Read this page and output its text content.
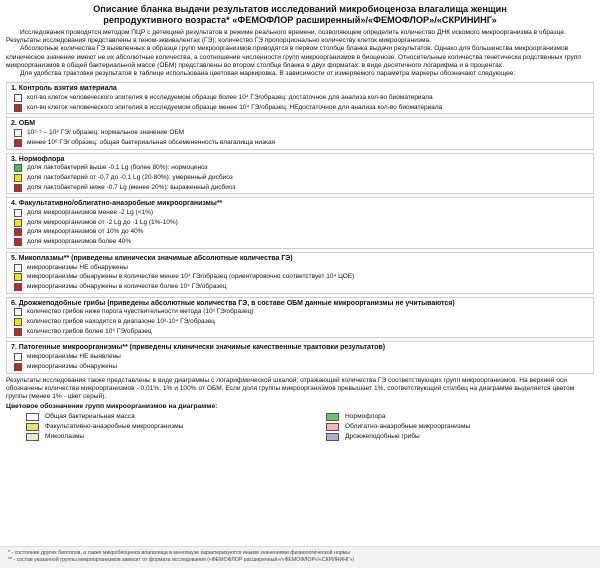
Описание бланка выдачи результатов исследований микробиоценоза влагалища женщин
репродуктивного возраста* «ФЕМОФЛОР расширенный»/«ФЕМОФЛОР»/«СКРИНИНГ»

Исследования проводятся методом ПЦР с детекцией результатов в режиме реального времени, позволяющем определить количество ДНК искомого микроорганизма в образце. Результаты исследования представлены в геном-эквивалентах (ГЭ); количество ГЭ пропорционально количеству клеток микроорганизма.

Абсолютные количества ГЭ выявленных в образце групп микроорганизмов приводятся в первом столбце бланка выдачи результатов. Однако для большинства микроорганизмов клиническое значение имеют не их абсолютные количества, а соотношение численности групп микроорганизмов в биоценозе. Относительные количества генетически родственных групп микроорганизмов в общей бактериальной массе (ОБМ) представлены во втором столбце бланка в двух форматах: в виде десятичного логарифма и в процентах.

Для удобства трактовки результатов в таблице использована цветовая маркировка. В зависимости от измеряемого параметра маркеры обозначают следующее:

1. Контроль взятия материала
кол-во клеток человеческого эпителия в исследуемом образце более 10⁴ ГЭ/образец: достаточное для анализа кол-во биоматериала
кол-во клеток человеческого эпителия в исследуемом образце менее 10⁴ ГЭ/образец: НЕдостаточное для анализа кол-во биоматериала
2. ОБМ
10⁶·⁵ – 10⁸ ГЭ/ образец: нормальное значение ОБМ
менее 10⁶ ГЭ/ образец: общая бактериальная обсемененность влагалища низкая
3. Нормофлора
доля лактобактерий выше -0,1 Lg (более 80%): нормоценоз
доля лактобактерий от -0,7 до -0,1 Lg (20-80%): умеренный дисбиоз
доля лактобактерий ниже -0,7 Lg (менее 20%): выраженный дисбиоз
4. Факультативно/облигатно-анаэробные микроорганизмы**
доля микроорганизмов менее -2 Lg (<1%)
доля микроорганизмов от -2 Lg до -1 Lg (1%-10%)
доля микроорганизмов от 10% до 40%
доля микроорганизмов более 40%
5. Микоплазмы** (приведены клинически значимые абсолютные количества ГЭ)
микроорганизмы НЕ обнаружены
микроорганизмы обнаружены в количестве менее 10⁴ ГЭ/образец (ориентировочно соответствует 10⁴ ЦОЕ)
микроорганизмы обнаружены в количестве более 10⁴ ГЭ/образец
6. Дрожжеподобные грибы (приведены абсолютные количества ГЭ, в составе ОБМ данные микроорганизмы не учитываются)
количество грибов ниже порога чувствительности метода (10³ ГЭ/образец)
количество грибов находится в диапазоне 10³-10⁴ ГЭ/образец
количество грибов более 10⁴ ГЭ/образец
7. Патогенные микроорганизмы** (приведены клинически значимые качественные трактовки результатов)
микроорганизмы НЕ выявлены
микроорганизмы обнаружены
Результаты исследования также представлены в виде диаграммы с логарифмической шкалой, отражающей количества ГЭ соответствующих групп микроорганизмов. На верхней оси обозначены количества микроорганизмов - 0,01%, 1% и 100% от ОБМ. Если доля группы микроорганизмов превышает 1%, соответствующий столбец на диаграмме выделяется цветом группы (менее 1% - цвет серый).
Цветовое обозначение групп микроорганизмов на диаграмме:
Общая бактериальная масса	Нормофлора
Факультативно-анаэробные микроорганизмы	Облигатно-анаэробные микроорганизмы
Микоплазмы	Дрожжеподобные грибы
* - состояние других биотопов, а также микробиоценоз влагалища в менопаузе характеризуются иными значениями физиологической нормы
** - состав указанной группы микроорганизмов зависит от формата исследования («ФЕМОФЛОР расширенный»/«ФЕМОФЛОР»/«СКРИНИНГ»)
